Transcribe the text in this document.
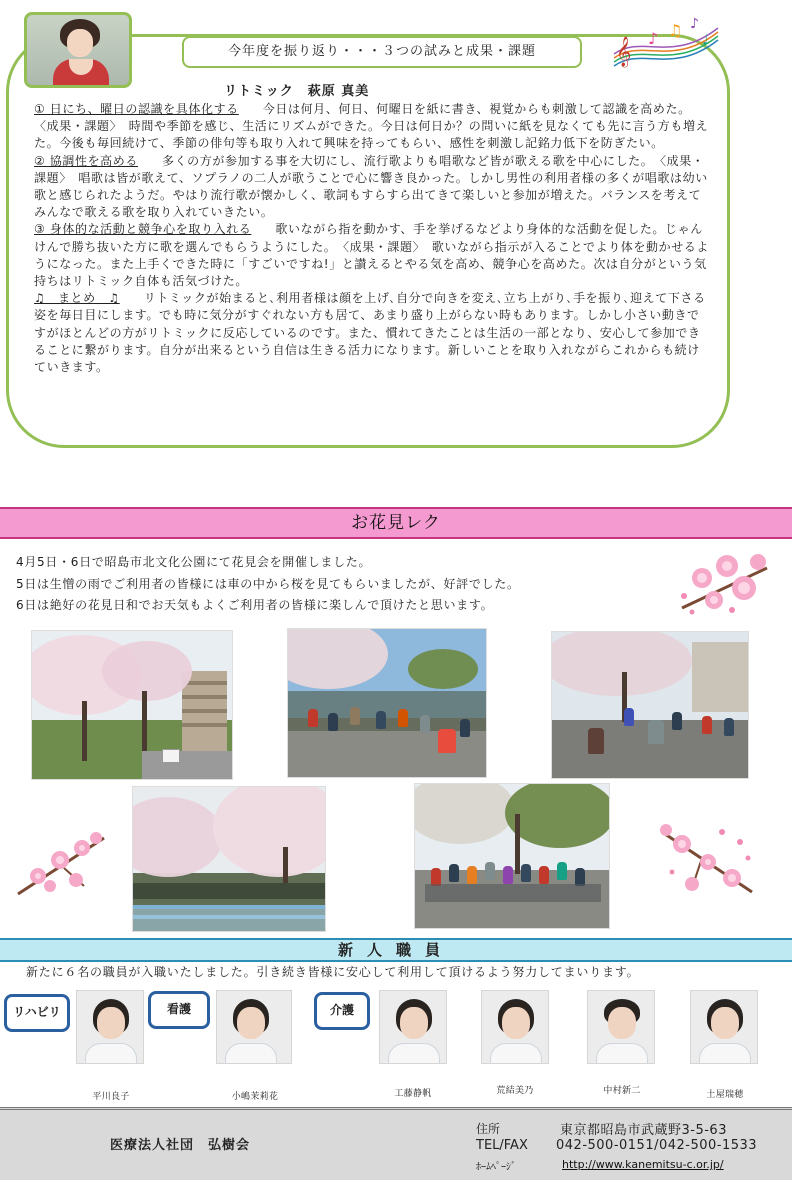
今年度を振り返り・・・３つの試みと成果・課題	𝄞 ♪ ♫ ♪
♩
リトミック　萩原 真美
① 日にち、曜日の認識を具体化する 今日は何月、何日、何曜日を紙に書き、視覚からも刺激して認識を高めた。　〈成果・課題〉　時間や季節を感じ、生活にリズムができた。今日は何日か？の問いに紙を見なくても先に言う方も増えた。今後も毎回続けて、季節の俳句等も取り入れて興味を持ってもらい、感性を刺激し記銘力低下を防ぎたい。
② 協調性を高める 多くの方が参加する事を大切にし、流行歌よりも唱歌など皆が歌える歌を中心にした。　〈成果・課題〉　唱歌は皆が歌えて、ソプラノの二人が歌うことで心に響き良かった。しかし男性の利用者様の多くが唱歌は幼い歌と感じられたようだ。やはり流行歌が懐かしく、歌詞もすらすら出てきて楽しいと参加が増えた。バランスを考えてみんなで歌える歌を取り入れていきたい。
③ 身体的な活動と競争心を取り入れる 歌いながら指を動かす、手を挙げるなどより身体的な活動を促した。じゃんけんで勝ち抜いた方に歌を選んでもらうようにした。　〈成果・課題〉　歌いながら指示が入ることでより体を動かせるようになった。また上手くできた時に「すごいですね!」と讃えるとやる気を高め、競争心を高めた。次は自分がという気持ちはリトミック自体も活気づけた。
♫　まとめ　♫ リトミックが始まると､利用者様は顔を上げ､自分で向きを変え､立ち上がり､手を振り､迎えて下さる姿を毎日目にします。でも時に気分がすぐれない方も居て、あまり盛り上がらない時もあります。しかし小さい動きですがほとんどの方がリトミックに反応しているのです。また、慣れてきたことは生活の一部となり、安心して参加できることに繋がります。自分が出来るという自信は生きる活力になります。新しいことを取り入れながらこれからも続けていきます。
お花見レク
4月5日・6日で昭島市北文化公園にて花見会を開催しました。
5日は生憎の雨でご利用者の皆様には車の中から桜を見てもらいましたが、好評でした。
6日は絶好の花見日和でお天気もよくご利用者の皆様に楽しんで頂けたと思います。
新人職員
新たに６名の職員が入職いたしました。引き続き皆様に安心して利用して頂けるよう努力してまいります。
リハビリ	看護	介護
平川良子	小嶋茉莉花	工藤静帆	荒結美乃	中村新二	土屋瑞穂
医療法人社団　弘樹会
住所	東京都昭島市武蔵野3-5-63
TEL/FAX 042-500-0151/042-500-1533
ﾎｰﾑﾍﾟｰｼﾞ	http://www.kanemitsu-c.or.jp/
